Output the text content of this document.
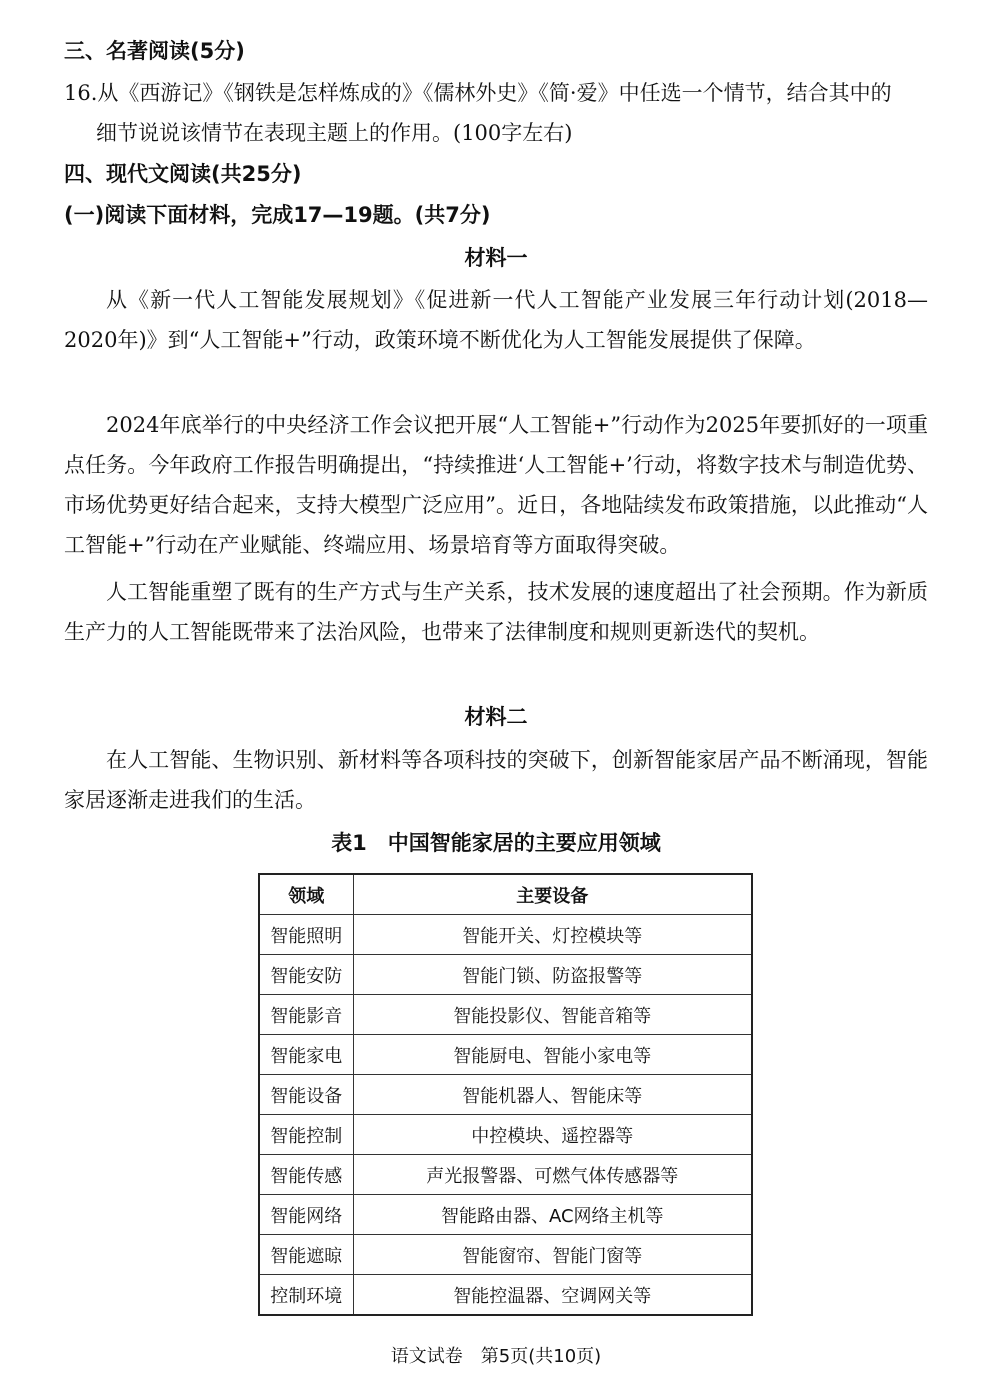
三、名著阅读(5分)
16.从《西游记》《钢铁是怎样炼成的》《儒林外史》《简·爱》中任选一个情节，结合其中的
细节说说该情节在表现主题上的作用。(100字左右)
四、现代文阅读(共25分)
(一)阅读下面材料，完成17—19题。(共7分)
材料一
从《新一代人工智能发展规划》《促进新一代人工智能产业发展三年行动计划(2018—2020年)》到“人工智能+”行动，政策环境不断优化为人工智能发展提供了保障。
2024年底举行的中央经济工作会议把开展“人工智能+”行动作为2025年要抓好的一项重点任务。今年政府工作报告明确提出，“持续推进‘人工智能+’行动，将数字技术与制造优势、市场优势更好结合起来，支持大模型广泛应用”。近日，各地陆续发布政策措施，以此推动“人工智能+”行动在产业赋能、终端应用、场景培育等方面取得突破。
人工智能重塑了既有的生产方式与生产关系，技术发展的速度超出了社会预期。作为新质生产力的人工智能既带来了法治风险，也带来了法律制度和规则更新迭代的契机。
材料二
在人工智能、生物识别、新材料等各项科技的突破下，创新智能家居产品不断涌现，智能家居逐渐走进我们的生活。
表1　中国智能家居的主要应用领域
领域	主要设备
智能照明	智能开关、灯控模块等
智能安防	智能门锁、防盗报警等
智能影音	智能投影仪、智能音箱等
智能家电	智能厨电、智能小家电等
智能设备	智能机器人、智能床等
智能控制	中控模块、遥控器等
智能传感	声光报警器、可燃气体传感器等
智能网络	智能路由器、AC网络主机等
智能遮晾	智能窗帘、智能门窗等
控制环境	智能控温器、空调网关等
语文试卷　第5页(共10页)
